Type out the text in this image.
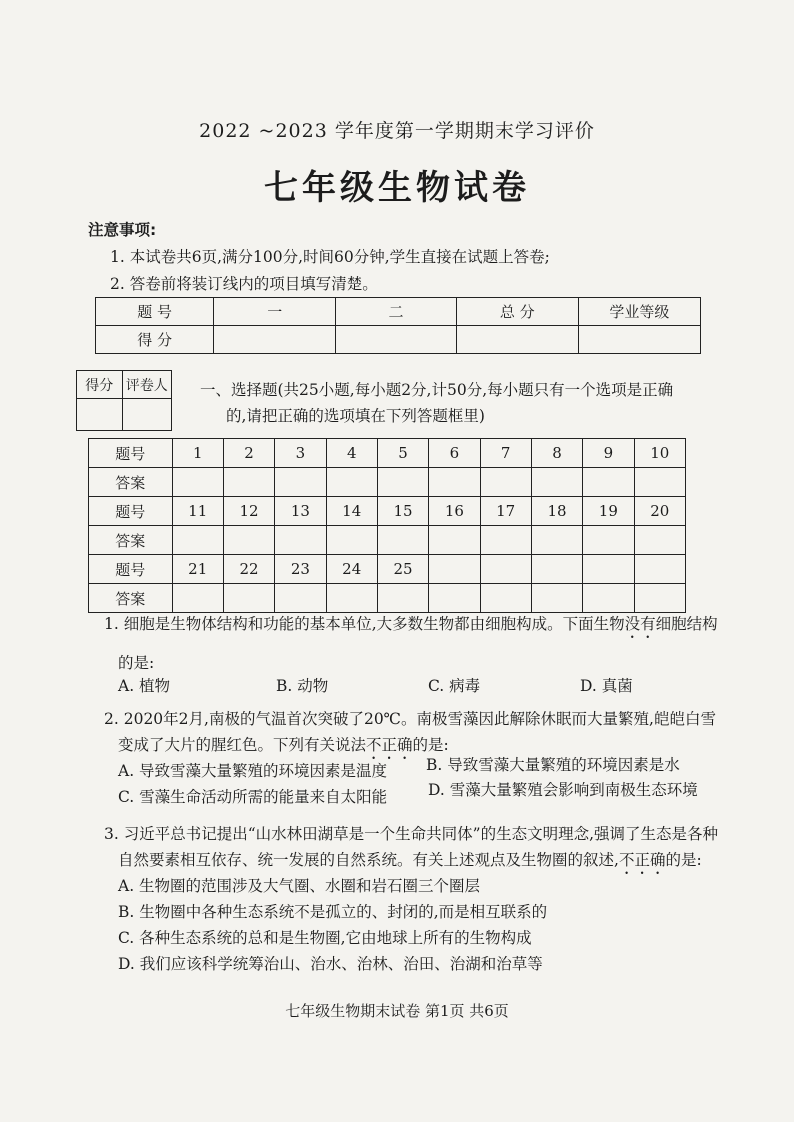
2022 ~2023 学年度第一学期期末学习评价
七年级生物试卷
注意事项:
1. 本试卷共6页,满分100分,时间60分钟,学生直接在试题上答卷;
2. 答卷前将装订线内的项目填写清楚。
题 号	一	二	总 分	学业等级
得 分				
得分	评卷人
	一、选择题(共25小题,每小题2分,计50分,每小题只有一个选项是正确
的,请把正确的选项填在下列答题框里)
题号	1	2	3	4	5	6	7	8	9	10
答案										
题号	11	12	13	14	15	16	17	18	19	20
答案										
题号	21	22	23	24	25					
答案										
1. 细胞是生物体结构和功能的基本单位,大多数生物都由细胞构成。下面生物没有细胞结构
的是:
A. 植物	B. 动物	C. 病毒	D. 真菌
2. 2020年2月,南极的气温首次突破了20℃。南极雪藻因此解除休眠而大量繁殖,皑皑白雪
变成了大片的腥红色。下列有关说法不正确的是:
A. 导致雪藻大量繁殖的环境因素是温度	B. 导致雪藻大量繁殖的环境因素是水
C. 雪藻生命活动所需的能量来自太阳能	D. 雪藻大量繁殖会影响到南极生态环境
3. 习近平总书记提出“山水林田湖草是一个生命共同体”的生态文明理念,强调了生态是各种
自然要素相互依存、统一发展的自然系统。有关上述观点及生物圈的叙述,不正确的是:
A. 生物圈的范围涉及大气圈、水圈和岩石圈三个圈层
B. 生物圈中各种生态系统不是孤立的、封闭的,而是相互联系的
C. 各种生态系统的总和是生物圈,它由地球上所有的生物构成
D. 我们应该科学统筹治山、治水、治林、治田、治湖和治草等
七年级生物期末试卷 第1页 共6页
